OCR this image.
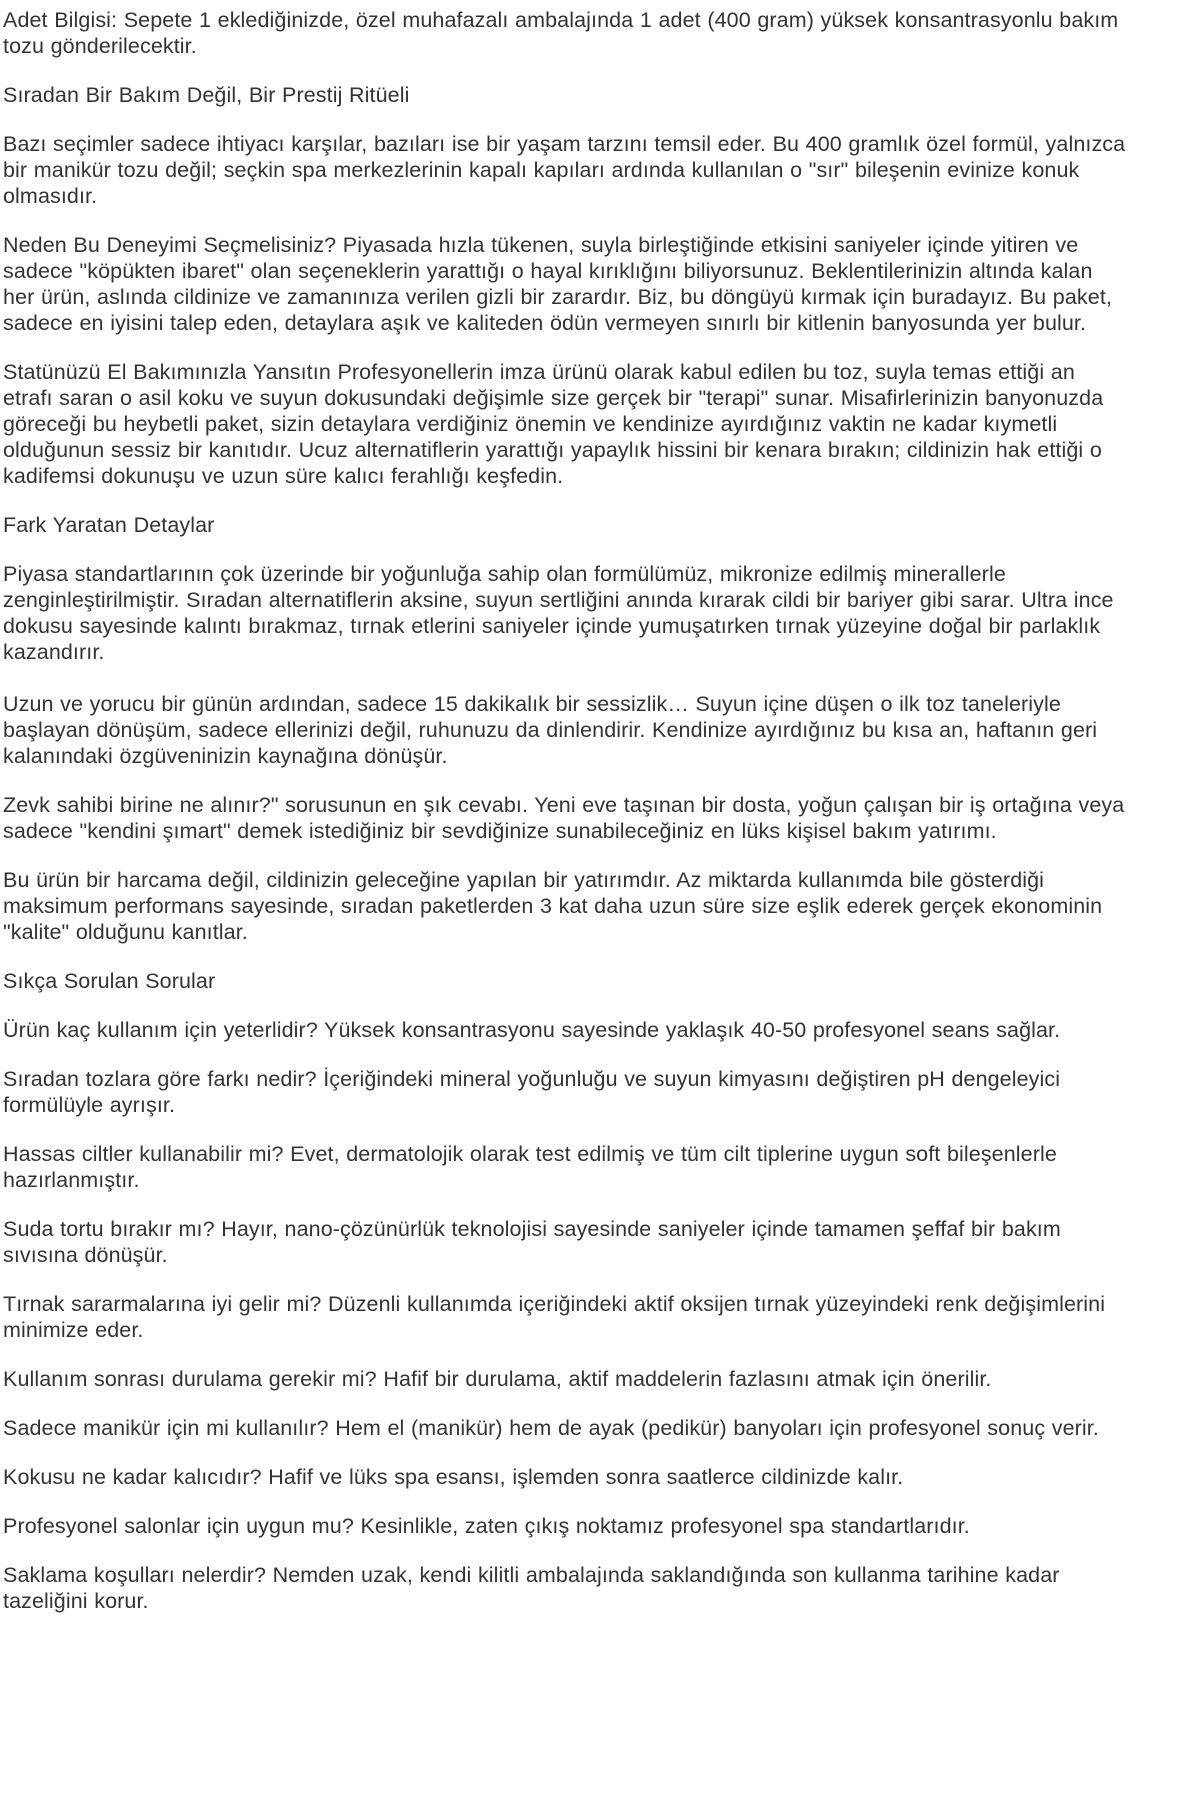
Adet Bilgisi: Sepete 1 eklediğinizde, özel muhafazalı ambalajında 1 adet (400 gram) yüksek konsantrasyonlu bakım tozu gönderilecektir.

Sıradan Bir Bakım Değil, Bir Prestij Ritüeli

Bazı seçimler sadece ihtiyacı karşılar, bazıları ise bir yaşam tarzını temsil eder. Bu 400 gramlık özel formül, yalnızca bir manikür tozu değil; seçkin spa merkezlerinin kapalı kapıları ardında kullanılan o "sır" bileşenin evinize konuk olmasıdır.

Neden Bu Deneyimi Seçmelisiniz? Piyasada hızla tükenen, suyla birleştiğinde etkisini saniyeler içinde yitiren ve sadece "köpükten ibaret" olan seçeneklerin yarattığı o hayal kırıklığını biliyorsunuz. Beklentilerinizin altında kalan her ürün, aslında cildinize ve zamanınıza verilen gizli bir zarardır. Biz, bu döngüyü kırmak için buradayız. Bu paket, sadece en iyisini talep eden, detaylara aşık ve kaliteden ödün vermeyen sınırlı bir kitlenin banyosunda yer bulur.

Statünüzü El Bakımınızla Yansıtın Profesyonellerin imza ürünü olarak kabul edilen bu toz, suyla temas ettiği an etrafı saran o asil koku ve suyun dokusundaki değişimle size gerçek bir "terapi" sunar. Misafirlerinizin banyonuzda göreceği bu heybetli paket, sizin detaylara verdiğiniz önemin ve kendinize ayırdığınız vaktin ne kadar kıymetli olduğunun sessiz bir kanıtıdır. Ucuz alternatiflerin yarattığı yapaylık hissini bir kenara bırakın; cildinizin hak ettiği o kadifemsi dokunuşu ve uzun süre kalıcı ferahlığı keşfedin.

Fark Yaratan Detaylar

Piyasa standartlarının çok üzerinde bir yoğunluğa sahip olan formülümüz, mikronize edilmiş minerallerle zenginleştirilmiştir. Sıradan alternatiflerin aksine, suyun sertliğini anında kırarak cildi bir bariyer gibi sarar. Ultra ince dokusu sayesinde kalıntı bırakmaz, tırnak etlerini saniyeler içinde yumuşatırken tırnak yüzeyine doğal bir parlaklık kazandırır.

Uzun ve yorucu bir günün ardından, sadece 15 dakikalık bir sessizlik… Suyun içine düşen o ilk toz taneleriyle başlayan dönüşüm, sadece ellerinizi değil, ruhunuzu da dinlendirir. Kendinize ayırdığınız bu kısa an, haftanın geri kalanındaki özgüveninizin kaynağına dönüşür.

Zevk sahibi birine ne alınır?" sorusunun en şık cevabı. Yeni eve taşınan bir dosta, yoğun çalışan bir iş ortağına veya sadece "kendini şımart" demek istediğiniz bir sevdiğinize sunabileceğiniz en lüks kişisel bakım yatırımı.

Bu ürün bir harcama değil, cildinizin geleceğine yapılan bir yatırımdır. Az miktarda kullanımda bile gösterdiği maksimum performans sayesinde, sıradan paketlerden 3 kat daha uzun süre size eşlik ederek gerçek ekonominin "kalite" olduğunu kanıtlar.

Sıkça Sorulan Sorular

Ürün kaç kullanım için yeterlidir? Yüksek konsantrasyonu sayesinde yaklaşık 40-50 profesyonel seans sağlar.

Sıradan tozlara göre farkı nedir? İçeriğindeki mineral yoğunluğu ve suyun kimyasını değiştiren pH dengeleyici formülüyle ayrışır.

Hassas ciltler kullanabilir mi? Evet, dermatolojik olarak test edilmiş ve tüm cilt tiplerine uygun soft bileşenlerle hazırlanmıştır.

Suda tortu bırakır mı? Hayır, nano-çözünürlük teknolojisi sayesinde saniyeler içinde tamamen şeffaf bir bakım sıvısına dönüşür.

Tırnak sararmalarına iyi gelir mi? Düzenli kullanımda içeriğindeki aktif oksijen tırnak yüzeyindeki renk değişimlerini minimize eder.

Kullanım sonrası durulama gerekir mi? Hafif bir durulama, aktif maddelerin fazlasını atmak için önerilir.

Sadece manikür için mi kullanılır? Hem el (manikür) hem de ayak (pedikür) banyoları için profesyonel sonuç verir.

Kokusu ne kadar kalıcıdır? Hafif ve lüks spa esansı, işlemden sonra saatlerce cildinizde kalır.

Profesyonel salonlar için uygun mu? Kesinlikle, zaten çıkış noktamız profesyonel spa standartlarıdır.

Saklama koşulları nelerdir? Nemden uzak, kendi kilitli ambalajında saklandığında son kullanma tarihine kadar tazeliğini korur.
